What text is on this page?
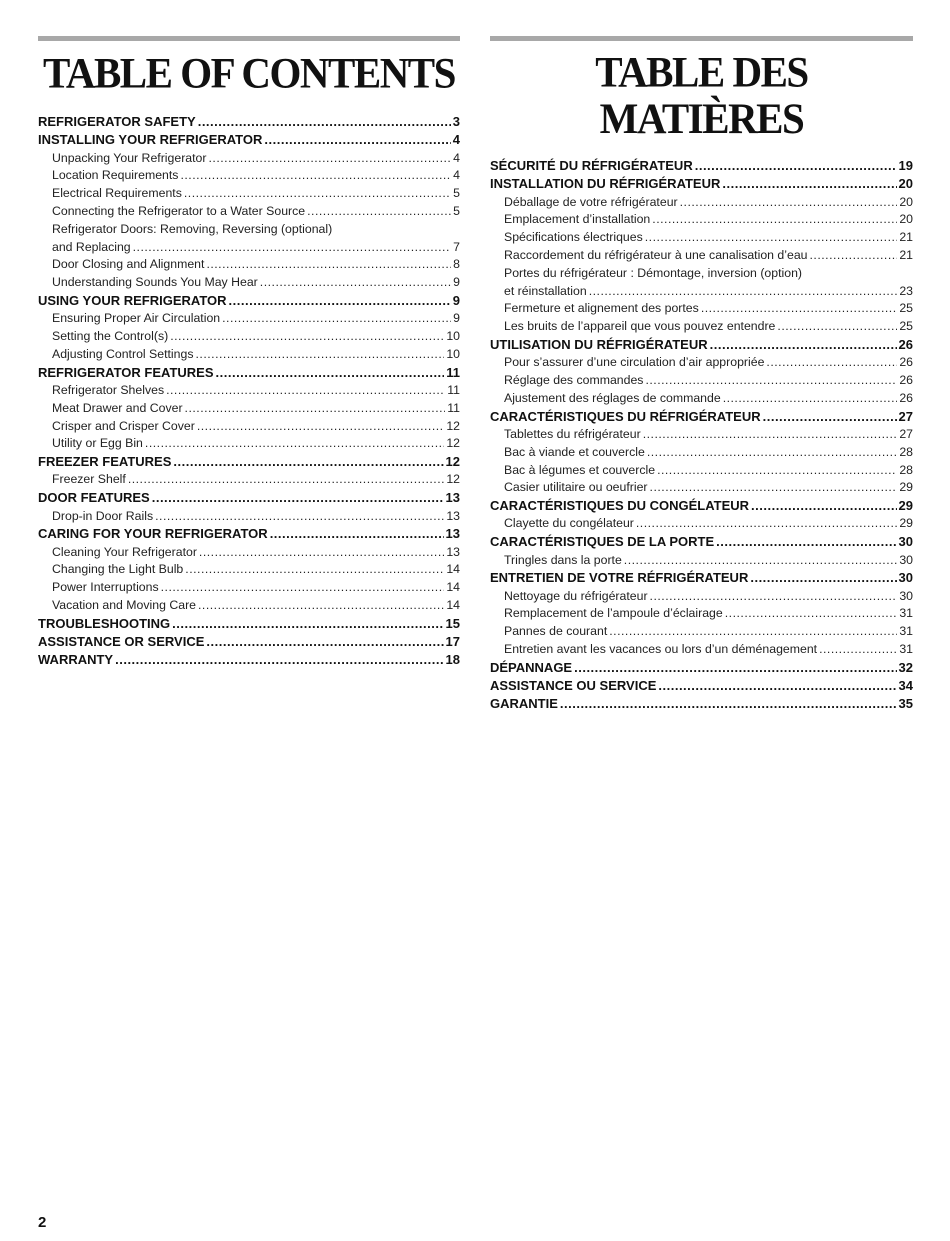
TABLE OF CONTENTS
REFRIGERATOR SAFETY .....	3
INSTALLING YOUR REFRIGERATOR .....	4
Unpacking Your Refrigerator .....	4
Location Requirements .....	4
Electrical Requirements .....	5
Connecting the Refrigerator to a Water Source .....	5
Refrigerator Doors: Removing, Reversing (optional)
and Replacing .....	7
Door Closing and Alignment .....	8
Understanding Sounds You May Hear .....	9
USING YOUR REFRIGERATOR .....	9
Ensuring Proper Air Circulation .....	9
Setting the Control(s) .....	10
Adjusting Control Settings .....	10
REFRIGERATOR FEATURES .....	11
Refrigerator Shelves .....	11
Meat Drawer and Cover .....	11
Crisper and Crisper Cover .....	12
Utility or Egg Bin .....	12
FREEZER FEATURES .....	12
Freezer Shelf .....	12
DOOR FEATURES .....	13
Drop-in Door Rails .....	13
CARING FOR YOUR REFRIGERATOR .....	13
Cleaning Your Refrigerator .....	13
Changing the Light Bulb .....	14
Power Interruptions .....	14
Vacation and Moving Care .....	14
TROUBLESHOOTING .....	15
ASSISTANCE OR SERVICE .....	17
WARRANTY .....	18
TABLE DES MATIÈRES
SÉCURITÉ DU RÉFRIGÉRATEUR .....	19
INSTALLATION DU RÉFRIGÉRATEUR .....	20
Déballage de votre réfrigérateur .....	20
Emplacement d’installation .....	20
Spécifications électriques .....	21
Raccordement du réfrigérateur à une canalisation d’eau .....	21
Portes du réfrigérateur : Démontage, inversion (option)
et réinstallation .....	23
Fermeture et alignement des portes .....	25
Les bruits de l’appareil que vous pouvez entendre .....	25
UTILISATION DU RÉFRIGÉRATEUR .....	26
Pour s’assurer d’une circulation d’air appropriée .....	26
Réglage des commandes .....	26
Ajustement des réglages de commande .....	26
CARACTÉRISTIQUES DU RÉFRIGÉRATEUR .....	27
Tablettes du réfrigérateur .....	27
Bac à viande et couvercle .....	28
Bac à légumes et couvercle .....	28
Casier utilitaire ou oeufrier .....	29
CARACTÉRISTIQUES DU CONGÉLATEUR .....	29
Clayette du congélateur .....	29
CARACTÉRISTIQUES DE LA PORTE .....	30
Tringles dans la porte .....	30
ENTRETIEN DE VOTRE RÉFRIGÉRATEUR .....	30
Nettoyage du réfrigérateur .....	30
Remplacement de l’ampoule d’éclairage .....	31
Pannes de courant .....	31
Entretien avant les vacances ou lors d’un déménagement .....	31
DÉPANNAGE .....	32
ASSISTANCE OU SERVICE .....	34
GARANTIE .....	35
2
